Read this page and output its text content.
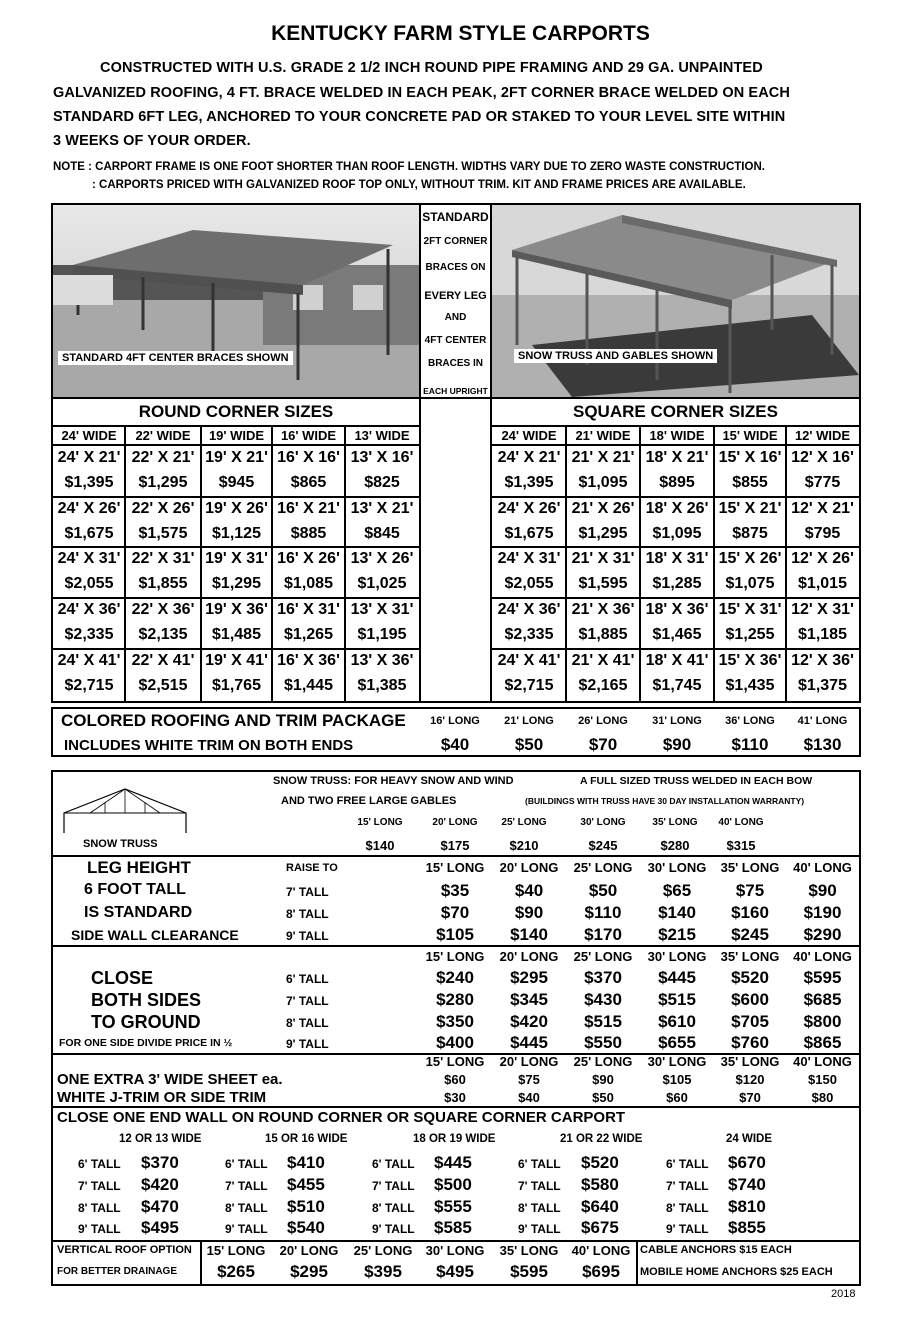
KENTUCKY FARM STYLE CARPORTS
CONSTRUCTED WITH U.S. GRADE 2 1/2 INCH ROUND PIPE FRAMING AND 29 GA. UNPAINTED
GALVANIZED ROOFING, 4 FT. BRACE WELDED IN EACH PEAK, 2FT CORNER BRACE WELDED ON EACH
STANDARD 6FT LEG, ANCHORED TO YOUR CONCRETE PAD OR STAKED TO YOUR LEVEL SITE WITHIN
3 WEEKS OF YOUR ORDER.
NOTE : CARPORT FRAME IS ONE FOOT SHORTER THAN ROOF LENGTH. WIDTHS VARY DUE TO ZERO WASTE CONSTRUCTION.
: CARPORTS PRICED WITH GALVANIZED ROOF TOP ONLY, WITHOUT TRIM. KIT AND FRAME PRICES ARE AVAILABLE.
STANDARD 4FT CENTER BRACES SHOWN
STANDARD
2FT CORNER
BRACES ON
EVERY LEG
AND
4FT CENTER
BRACES IN
EACH UPRIGHT
SNOW TRUSS AND GABLES SHOWN
ROUND CORNER SIZES	SQUARE CORNER SIZES
24' WIDE	22' WIDE	19' WIDE	16' WIDE	13' WIDE	24' WIDE	21' WIDE	18' WIDE	15' WIDE	12' WIDE
24' X 21' 22' X 21' 19' X 21' 16' X 16' 13' X 16'
$1,395	$1,295	$945	$865	$825
24' X 26' 22' X 26' 19' X 26' 16' X 21' 13' X 21'
$1,675	$1,575	$1,125	$885	$845
24' X 31' 22' X 31' 19' X 31' 16' X 26' 13' X 26'
$2,055	$1,855	$1,295	$1,085	$1,025
24' X 36' 22' X 36' 19' X 36' 16' X 31' 13' X 31'
$2,335	$2,135	$1,485	$1,265	$1,195
24' X 41' 22' X 41' 19' X 41' 16' X 36' 13' X 36'
$2,715	$2,515	$1,765	$1,445	$1,385
24' X 21' 21' X 21' 18' X 21' 15' X 16' 12' X 16'
$1,395	$1,095	$895	$855	$775
24' X 26' 21' X 26' 18' X 26' 15' X 21' 12' X 21'
$1,675	$1,295	$1,095	$875	$795
24' X 31' 21' X 31' 18' X 31' 15' X 26' 12' X 26'
$2,055	$1,595	$1,285	$1,075	$1,015
24' X 36' 21' X 36' 18' X 36' 15' X 31' 12' X 31'
$2,335	$1,885	$1,465	$1,255	$1,185
24' X 41' 21' X 41' 18' X 41' 15' X 36' 12' X 36'
$2,715	$2,165	$1,745	$1,435	$1,375
COLORED ROOFING AND TRIM PACKAGE
INCLUDES WHITE TRIM ON BOTH ENDS
16' LONG	21' LONG	26' LONG	31' LONG	36' LONG	41' LONG
$40	$50	$70	$90	$110	$130
SNOW TRUSS: FOR HEAVY SNOW AND WIND
AND TWO FREE LARGE GABLES
A FULL SIZED TRUSS WELDED IN EACH BOW
(BUILDINGS WITH TRUSS HAVE 30 DAY INSTALLATION WARRANTY)
SNOW TRUSS
15' LONG	20' LONG	25' LONG	30' LONG	35' LONG	40' LONG
$140	$175	$210	$245	$280	$315
LEG HEIGHT
6 FOOT TALL
IS STANDARD
SIDE WALL CLEARANCE
RAISE TO	15' LONG	20' LONG	25' LONG	30' LONG	35' LONG	40' LONG
7' TALL	$35	$40	$50	$65	$75	$90
8' TALL	$70	$90	$110	$140	$160	$190
9' TALL	$105	$140	$170	$215	$245	$290
15' LONG	20' LONG	25' LONG	30' LONG	35' LONG	40' LONG
CLOSE
BOTH SIDES
TO GROUND
FOR ONE SIDE DIVIDE PRICE IN ½
6' TALL	$240	$295	$370	$445	$520	$595
7' TALL	$280	$345	$430	$515	$600	$685
8' TALL	$350	$420	$515	$610	$705	$800
9' TALL	$400	$445	$550	$655	$760	$865
15' LONG	20' LONG	25' LONG	30' LONG	35' LONG	40' LONG
ONE EXTRA 3' WIDE SHEET ea.	$60	$75	$90	$105	$120	$150
WHITE J-TRIM OR SIDE TRIM	$30	$40	$50	$60	$70	$80
CLOSE ONE END WALL ON ROUND CORNER OR SQUARE CORNER CARPORT
12 OR 13 WIDE
6' TALL $370
7' TALL $420
8' TALL $470
9' TALL $495
15 OR 16 WIDE
6' TALL $410
7' TALL $455
8' TALL $510
9' TALL $540
18 OR 19 WIDE
6' TALL $445
7' TALL $500
8' TALL $555
9' TALL $585
21 OR 22 WIDE
6' TALL $520
7' TALL $580
8' TALL $640
9' TALL $675
24 WIDE
6' TALL $670
7' TALL $740
8' TALL $810
9' TALL $855
VERTICAL ROOF OPTION
FOR BETTER DRAINAGE
15' LONG	20' LONG	25' LONG	30' LONG	35' LONG	40' LONG
$265	$295	$395	$495	$595	$695
CABLE ANCHORS $15 EACH
MOBILE HOME ANCHORS $25 EACH
2018
